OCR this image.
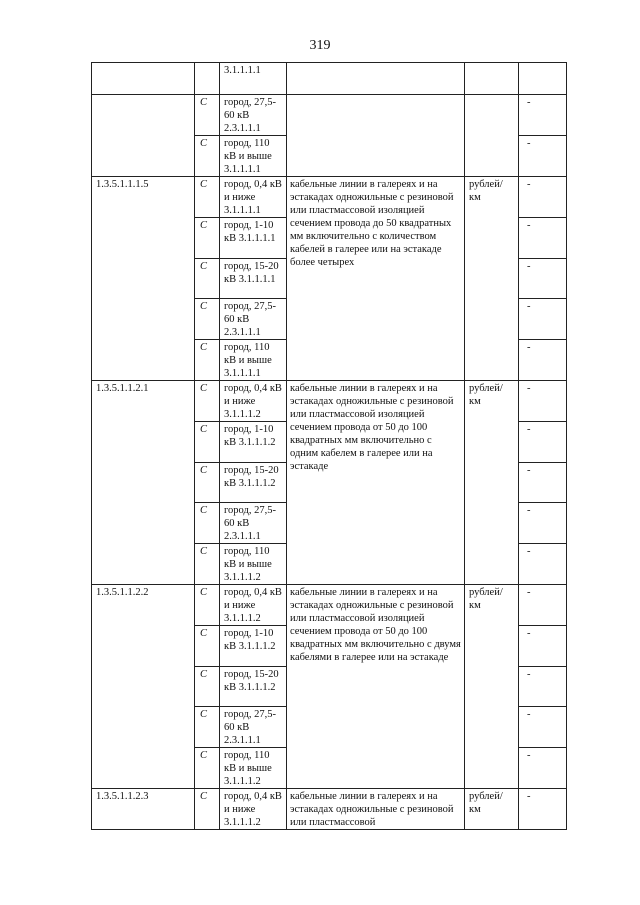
319
		3.1.1.1.1			
	С	город, 27,5-60 кВ 2.3.1.1.1			-
	С	город, 110 кВ и выше 3.1.1.1.1			-
1.3.5.1.1.1.5	С	город, 0,4 кВ и ниже 3.1.1.1.1	кабельные линии в галереях и на эстакадах одножильные с резиновой или пластмассовой изоляцией сечением провода до 50 квадратных мм включительно с количеством кабелей в галерее или на эстакаде более четырех	рублей/ км	-
	С	город, 1-10 кВ 3.1.1.1.1			-
	С	город, 15-20 кВ 3.1.1.1.1			-
	С	город, 27,5-60 кВ 2.3.1.1.1			-
	С	город, 110 кВ и выше 3.1.1.1.1			-
1.3.5.1.1.2.1	С	город, 0,4 кВ и ниже 3.1.1.1.2	кабельные линии в галереях и на эстакадах одножильные с резиновой или пластмассовой изоляцией сечением провода от 50 до 100 квадратных мм включительно с одним кабелем в галерее или на эстакаде	рублей/ км	-
	С	город, 1-10 кВ 3.1.1.1.2			-
	С	город, 15-20 кВ 3.1.1.1.2			-
	С	город, 27,5-60 кВ 2.3.1.1.1			-
	С	город, 110 кВ и выше 3.1.1.1.2			-
1.3.5.1.1.2.2	С	город, 0,4 кВ и ниже 3.1.1.1.2	кабельные линии в галереях и на эстакадах одножильные с резиновой или пластмассовой изоляцией сечением провода от 50 до 100 квадратных мм включительно с двумя кабелями в галерее или на эстакаде	рублей/ км	-
	С	город, 1-10 кВ 3.1.1.1.2			-
	С	город, 15-20 кВ 3.1.1.1.2			-
	С	город, 27,5-60 кВ 2.3.1.1.1			-
	С	город, 110 кВ и выше 3.1.1.1.2			-
1.3.5.1.1.2.3	С	город, 0,4 кВ и ниже 3.1.1.1.2	кабельные линии в галереях и на эстакадах одножильные с резиновой или пластмассовой	рублей/ км	-
